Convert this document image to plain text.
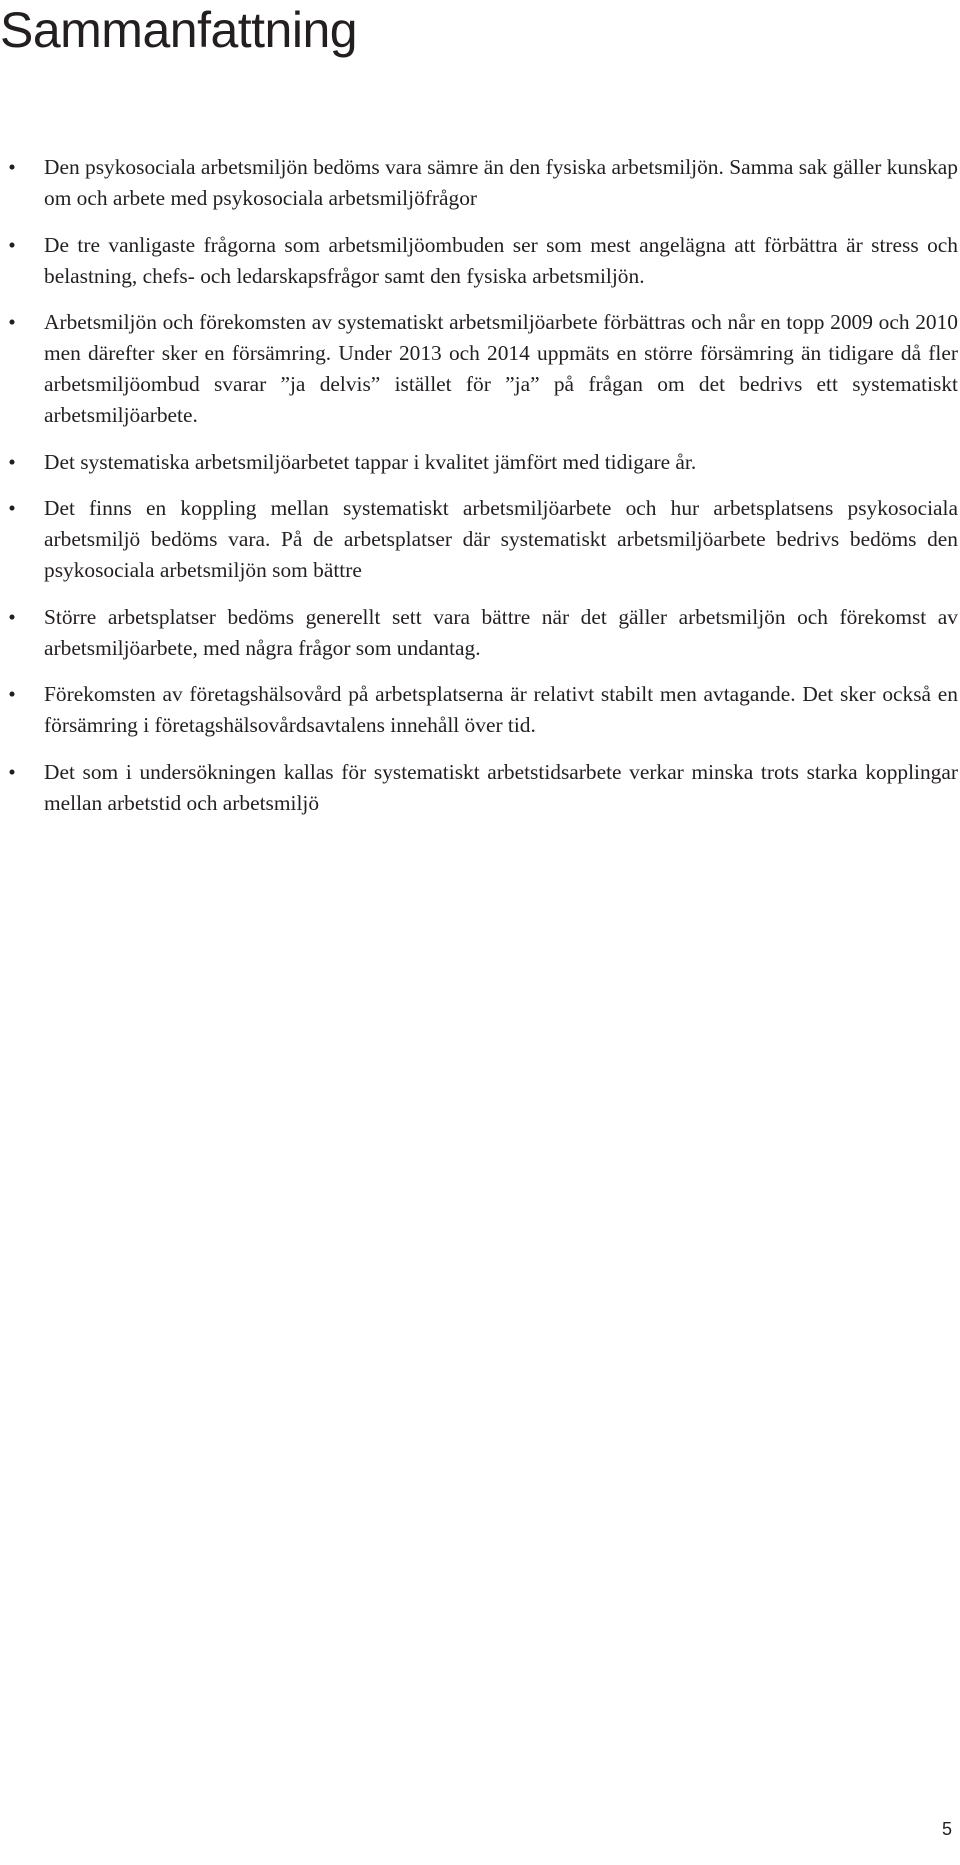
Sammanfattning
• Den psykosociala arbetsmiljön bedöms vara sämre än den fysiska arbetsmiljön. Samma sak gäller kunskap om och arbete med psykosociala arbetsmiljöfrågor
• De tre vanligaste frågorna som arbetsmiljöombuden ser som mest angelägna att förbättra är stress och belastning, chefs- och ledarskapsfrågor samt den fysiska arbetsmiljön.
• Arbetsmiljön och förekomsten av systematiskt arbetsmiljöarbete förbättras och når en topp 2009 och 2010 men därefter sker en försämring. Under 2013 och 2014 uppmäts en större försämring än tidigare då fler arbetsmiljöombud svarar ”ja delvis” istället för ”ja” på frågan om det bedrivs ett systematiskt arbetsmiljöarbete.
• Det systematiska arbetsmiljöarbetet tappar i kvalitet jämfört med tidigare år.
• Det finns en koppling mellan systematiskt arbetsmiljöarbete och hur arbetsplatsens psykosociala arbetsmiljö bedöms vara. På de arbetsplatser där systematiskt arbetsmiljöarbete bedrivs bedöms den psykosociala arbetsmiljön som bättre
• Större arbetsplatser bedöms generellt sett vara bättre när det gäller arbetsmiljön och förekomst av arbetsmiljöarbete, med några frågor som undantag.
• Förekomsten av företagshälsovård på arbetsplatserna är relativt stabilt men avtagande. Det sker också en försämring i företagshälsovårdsavtalens innehåll över tid.
• Det som i undersökningen kallas för systematiskt arbetstidsarbete verkar minska trots starka kopplingar mellan arbetstid och arbetsmiljö
5
